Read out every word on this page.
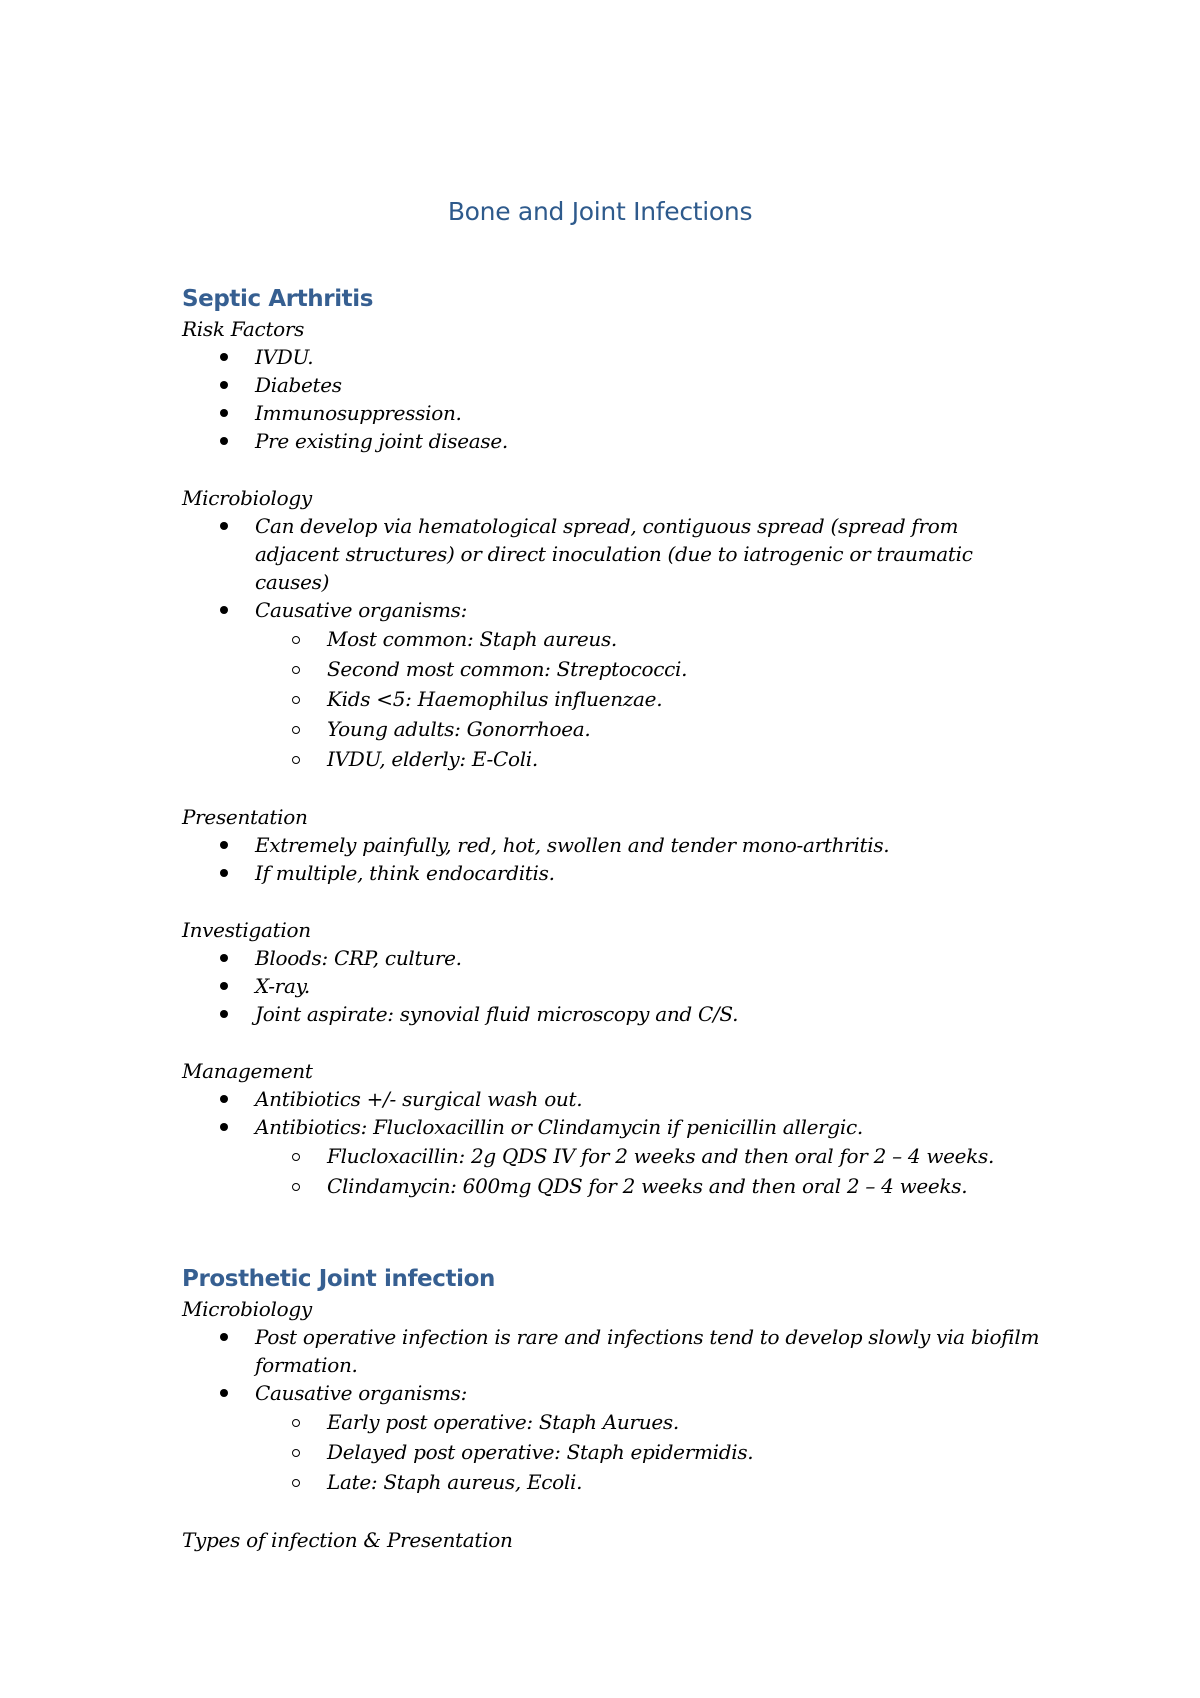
Bone and Joint Infections
Septic Arthritis
Risk Factors
IVDU.
Diabetes
Immunosuppression.
Pre existing joint disease.
Microbiology
Can develop via hematological spread, contiguous spread (spread from adjacent structures) or direct inoculation (due to iatrogenic or traumatic causes)
Causative organisms:
Most common: Staph aureus.
Second most common: Streptococci.
Kids <5: Haemophilus influenzae.
Young adults: Gonorrhoea.
IVDU, elderly: E-Coli.
Presentation
Extremely painfully, red, hot, swollen and tender mono-arthritis.
If multiple, think endocarditis.
Investigation
Bloods: CRP, culture.
X-ray.
Joint aspirate: synovial fluid microscopy and C/S.
Management
Antibiotics +/- surgical wash out.
Antibiotics: Flucloxacillin or Clindamycin if penicillin allergic.
Flucloxacillin: 2g QDS IV for 2 weeks and then oral for 2 – 4 weeks.
Clindamycin: 600mg QDS for 2 weeks and then oral 2 – 4 weeks.
Prosthetic Joint infection
Microbiology
Post operative infection is rare and infections tend to develop slowly via biofilm formation.
Causative organisms:
Early post operative: Staph Aurues.
Delayed post operative: Staph epidermidis.
Late: Staph aureus, Ecoli.
Types of infection & Presentation
